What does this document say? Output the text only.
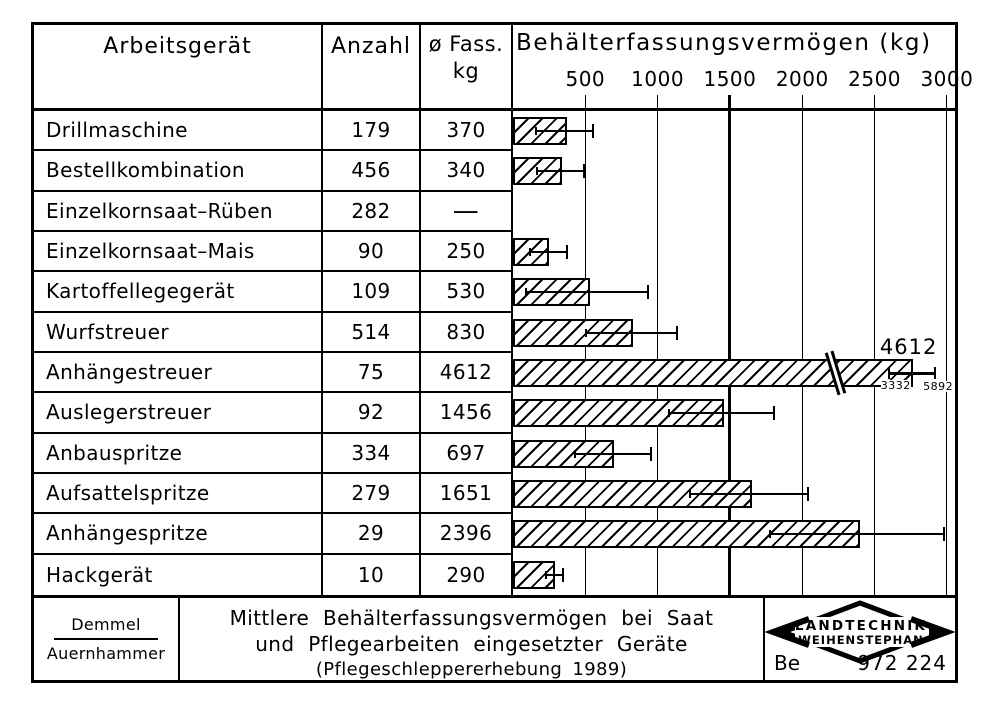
Arbeitsgerät	Anzahl ø Fass.
kg
Behälterfassungsvermögen (kg)
500 1000 1500 2000 2500 3000
Drillmaschine	179	370
Bestellkombination	456	340
Einzelkornsaat–Rüben	282 —
Einzelkornsaat–Mais	90	250
Kartoffellegegerät	109	530
Wurfstreuer	514	830
Anhängestreuer	75	4612
Auslegerstreuer	92	1456
Anbauspritze	334	697
Aufsattelspritze	279 1651
Anhängespritze	29	2396
Hackgerät	10	290
4612
3332 5892
Demmel
Auernhammer
Mittlere Behälterfassungsvermögen bei Saat
und Pflegearbeiten eingesetzter Geräte
(Pflegeschleppererhebung 1989)
LANDTECHNIK
WEIHENSTEPHAN
Be	972 224
